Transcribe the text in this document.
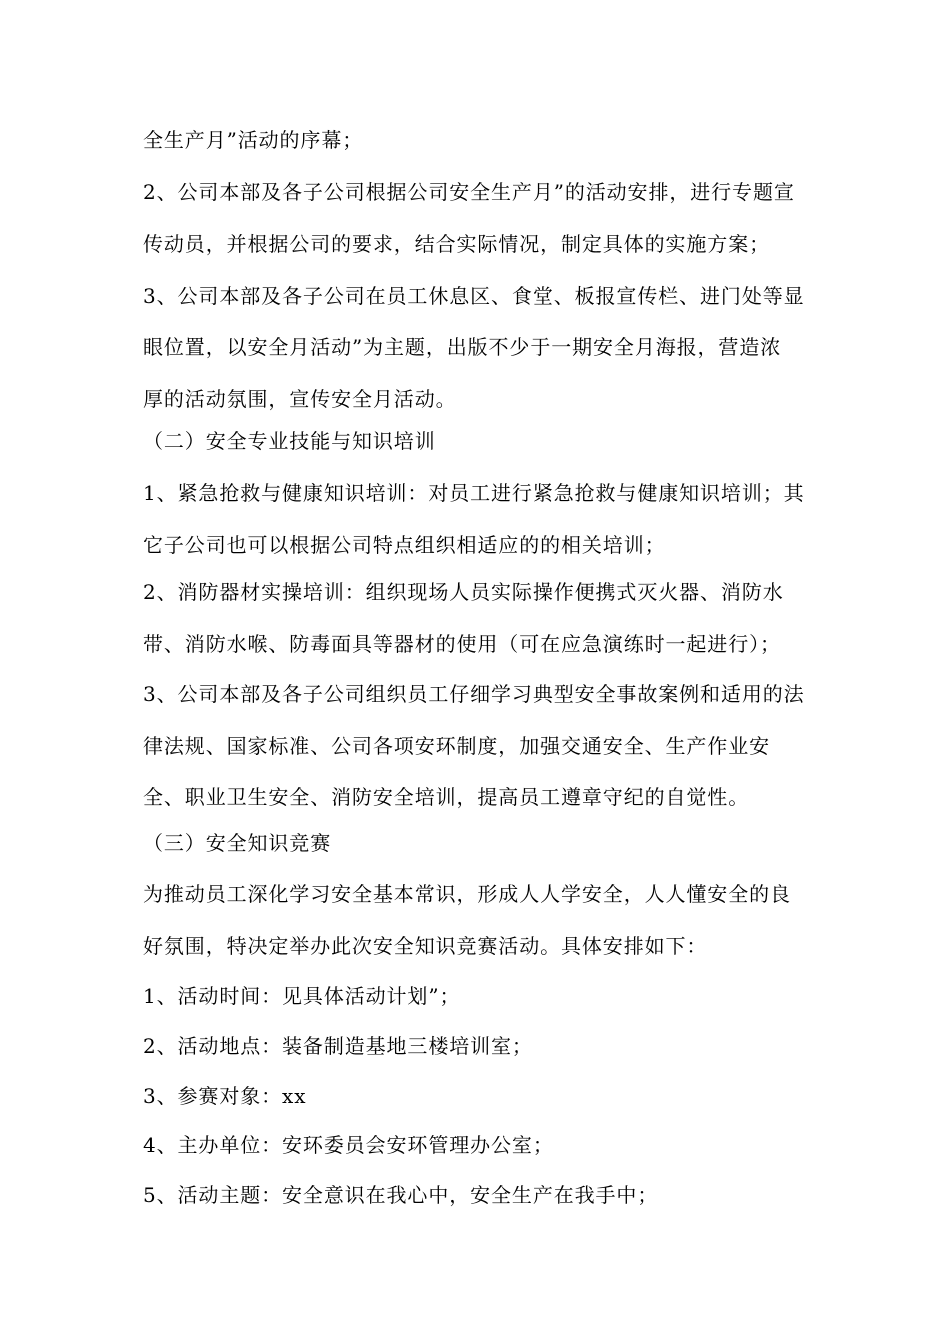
全生产月”活动的序幕；
2、公司本部及各子公司根据公司安全生产月”的活动安排，进行专题宣
传动员，并根据公司的要求，结合实际情况，制定具体的实施方案；
3、公司本部及各子公司在员工休息区、食堂、板报宣传栏、进门处等显
眼位置，以安全月活动”为主题，出版不少于一期安全月海报，营造浓
厚的活动氛围，宣传安全月活动。
（二）安全专业技能与知识培训
1、紧急抢救与健康知识培训：对员工进行紧急抢救与健康知识培训；其
它子公司也可以根据公司特点组织相适应的的相关培训；
2、消防器材实操培训：组织现场人员实际操作便携式灭火器、消防水
带、消防水喉、防毒面具等器材的使用（可在应急演练时一起进行）；
3、公司本部及各子公司组织员工仔细学习典型安全事故案例和适用的法
律法规、国家标准、公司各项安环制度，加强交通安全、生产作业安
全、职业卫生安全、消防安全培训，提高员工遵章守纪的自觉性。
（三）安全知识竞赛
为推动员工深化学习安全基本常识，形成人人学安全，人人懂安全的良
好氛围，特决定举办此次安全知识竞赛活动。具体安排如下：
1、活动时间：见具体活动计划”；
2、活动地点：装备制造基地三楼培训室；
3、参赛对象：xx
4、主办单位：安环委员会安环管理办公室；
5、活动主题：安全意识在我心中，安全生产在我手中；
